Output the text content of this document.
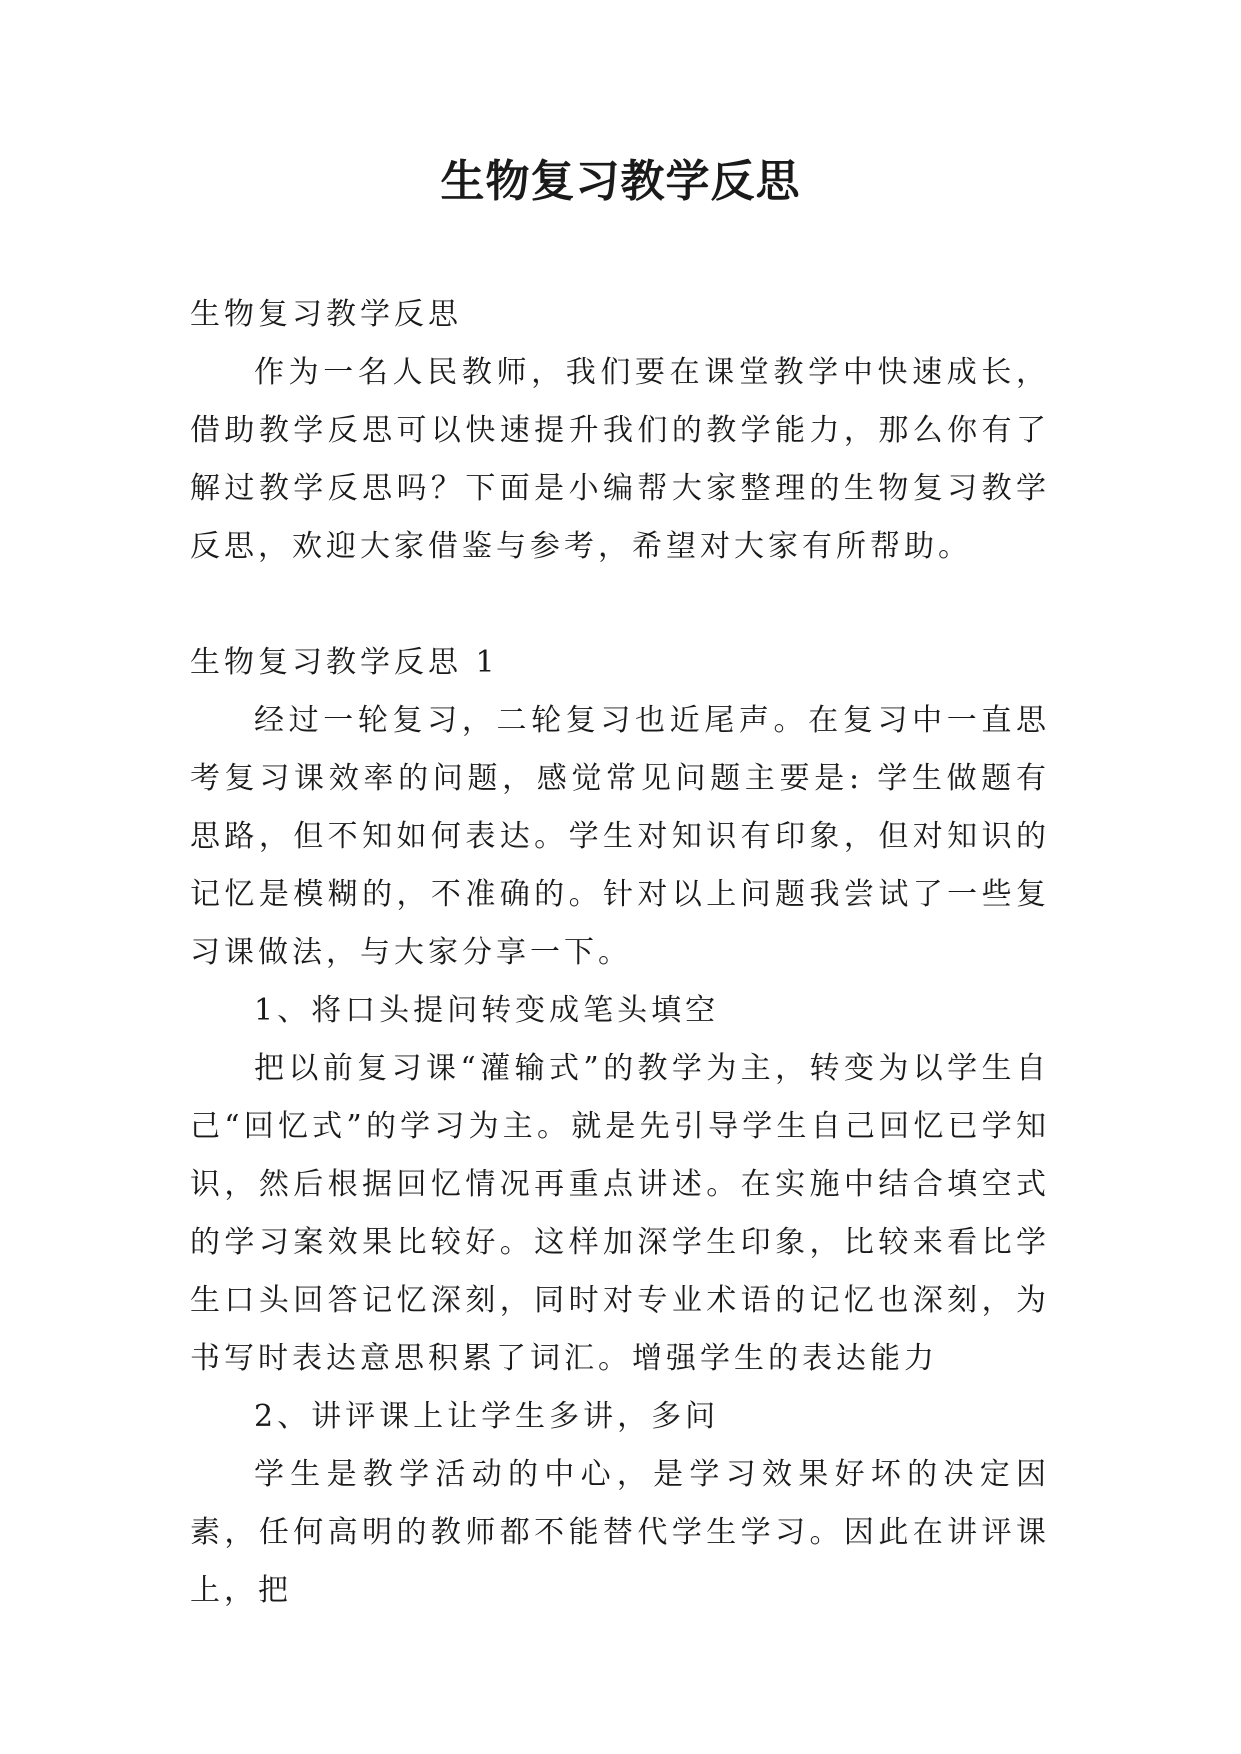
生物复习教学反思

生物复习教学反思

作为一名人民教师，我们要在课堂教学中快速成长，借助教学反思可以快速提升我们的教学能力，那么你有了解过教学反思吗？下面是小编帮大家整理的生物复习教学反思，欢迎大家借鉴与参考，希望对大家有所帮助。

生物复习教学反思 1

经过一轮复习，二轮复习也近尾声。在复习中一直思考复习课效率的问题，感觉常见问题主要是: 学生做题有思路，但不知如何表达。学生对知识有印象，但对知识的记忆是模糊的，不准确的。针对以上问题我尝试了一些复习课做法，与大家分享一下。

1、将口头提问转变成笔头填空

把以前复习课“灌输式”的教学为主，转变为以学生自己“回忆式”的学习为主。就是先引导学生自己回忆已学知识，然后根据回忆情况再重点讲述。在实施中结合填空式的学习案效果比较好。这样加深学生印象，比较来看比学生口头回答记忆深刻，同时对专业术语的记忆也深刻，为书写时表达意思积累了词汇。增强学生的表达能力

2、讲评课上让学生多讲，多问

学生是教学活动的中心，是学习效果好坏的决定因素，任何高明的教师都不能替代学生学习。因此在讲评课上，把
